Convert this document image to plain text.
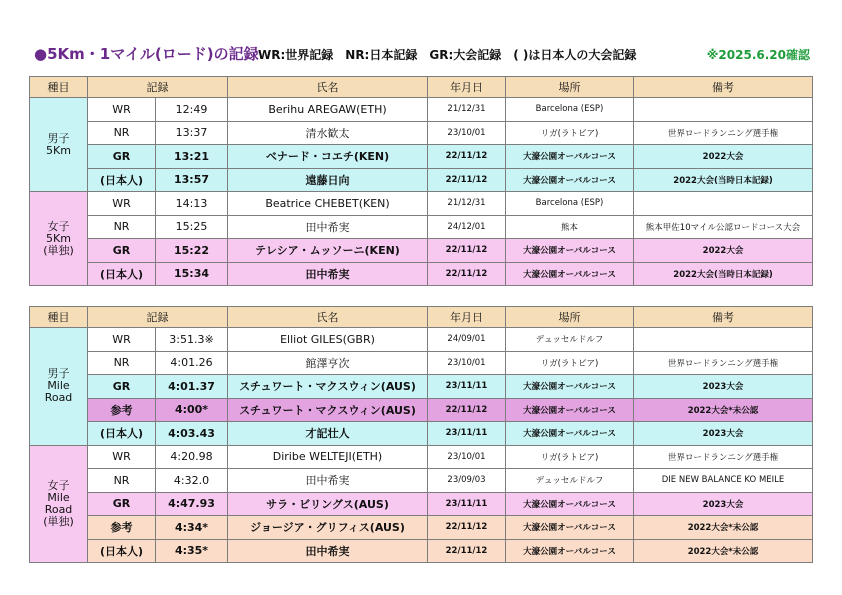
●5Km・1マイル(ロード)の記録 WR:世界記録　NR:日本記録　GR:大会記録　( )は日本人の大会記録	※2025.6.20確認
種目	記録		氏名	年月日	場所	備考

男子
5Km	WR	12:49	Berihu AREGAW(ETH)	21/12/31	Barcelona (ESP)	
	NR	13:37	清水歓太	23/10/01	リガ(ラトビア)	世界ロードランニング選手権
	GR	13:21	ベナード・コエチ(KEN)	22/11/12	大濠公園オーバルコース	2022大会
	(日本人)	13:57	遠藤日向	22/11/12	大濠公園オーバルコース	2022大会(当時日本記録)

女子
5Km
(単独)	WR	14:13	Beatrice CHEBET(KEN)	21/12/31	Barcelona (ESP)	
	NR	15:25	田中希実	24/12/01	熊本	熊本甲佐10マイル公認ロードコース大会
	GR	15:22	テレシア・ムッソーニ(KEN)	22/11/12	大濠公園オーバルコース	2022大会
	(日本人)	15:34	田中希実	22/11/12	大濠公園オーバルコース	2022大会(当時日本記録)
種目	記録		氏名	年月日	場所	備考

男子
Mile
Road	WR	3:51.3※	Elliot GILES(GBR)	24/09/01	デュッセルドルフ	
	NR	4:01.26	館澤亨次	23/10/01	リガ(ラトビア)	世界ロードランニング選手権
	GR	4:01.37	スチュワート・マクスウィン(AUS)	23/11/11	大濠公園オーバルコース	2023大会
	参考	4:00*	スチュワート・マクスウィン(AUS)	22/11/12	大濠公園オーバルコース	2022大会*未公認
	(日本人)	4:03.43	才記壮人	23/11/11	大濠公園オーバルコース	2023大会

女子
Mile
Road
(単独)	WR	4:20.98	Diribe WELTEJI(ETH)	23/10/01	リガ(ラトビア)	世界ロードランニング選手権
	NR	4:32.0	田中希実	23/09/03	デュッセルドルフ	DIE NEW BALANCE KO MEILE
	GR	4:47.93	サラ・ビリングス(AUS)	23/11/11	大濠公園オーバルコース	2023大会
	参考	4:34*	ジョージア・グリフィス(AUS)	22/11/12	大濠公園オーバルコース	2022大会*未公認
	(日本人)	4:35*	田中希実	22/11/12	大濠公園オーバルコース	2022大会*未公認
